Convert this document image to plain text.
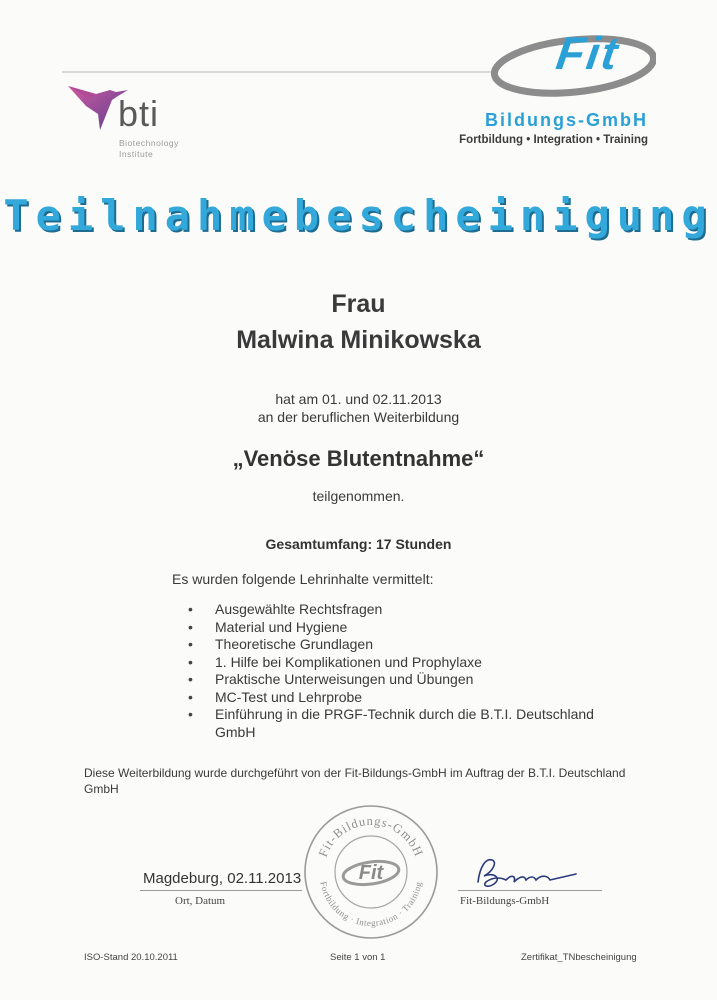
bti
Biotechnology
Institute
Fit
Bildungs-GmbH
Fortbildung • Integration • Training
Teilnahmebescheinigung
Frau
Malwina Minikowska
hat am 01. und 02.11.2013
an der beruflichen Weiterbildung
„Venöse Blutentnahme“
teilgenommen.
Gesamtumfang: 17 Stunden
Es wurden folgende Lehrinhalte vermittelt:
• Ausgewählte Rechtsfragen
• Material und Hygiene
• Theoretische Grundlagen
• 1. Hilfe bei Komplikationen und Prophylaxe
• Praktische Unterweisungen und Übungen
• MC-Test und Lehrprobe
• Einführung in die PRGF-Technik durch die B.T.I. Deutschland GmbH
Diese Weiterbildung wurde durchgeführt von der Fit-Bildungs-GmbH im Auftrag der B.T.I. Deutschland GmbH
Fit-Bildungs-GmbH
Fortbildung · Integration · Training
Fit
Magdeburg, 02.11.2013
Ort, Datum	Fit-Bildungs-GmbH
ISO-Stand 20.10.2011	Seite 1 von 1	Zertifikat_TNbescheinigung
